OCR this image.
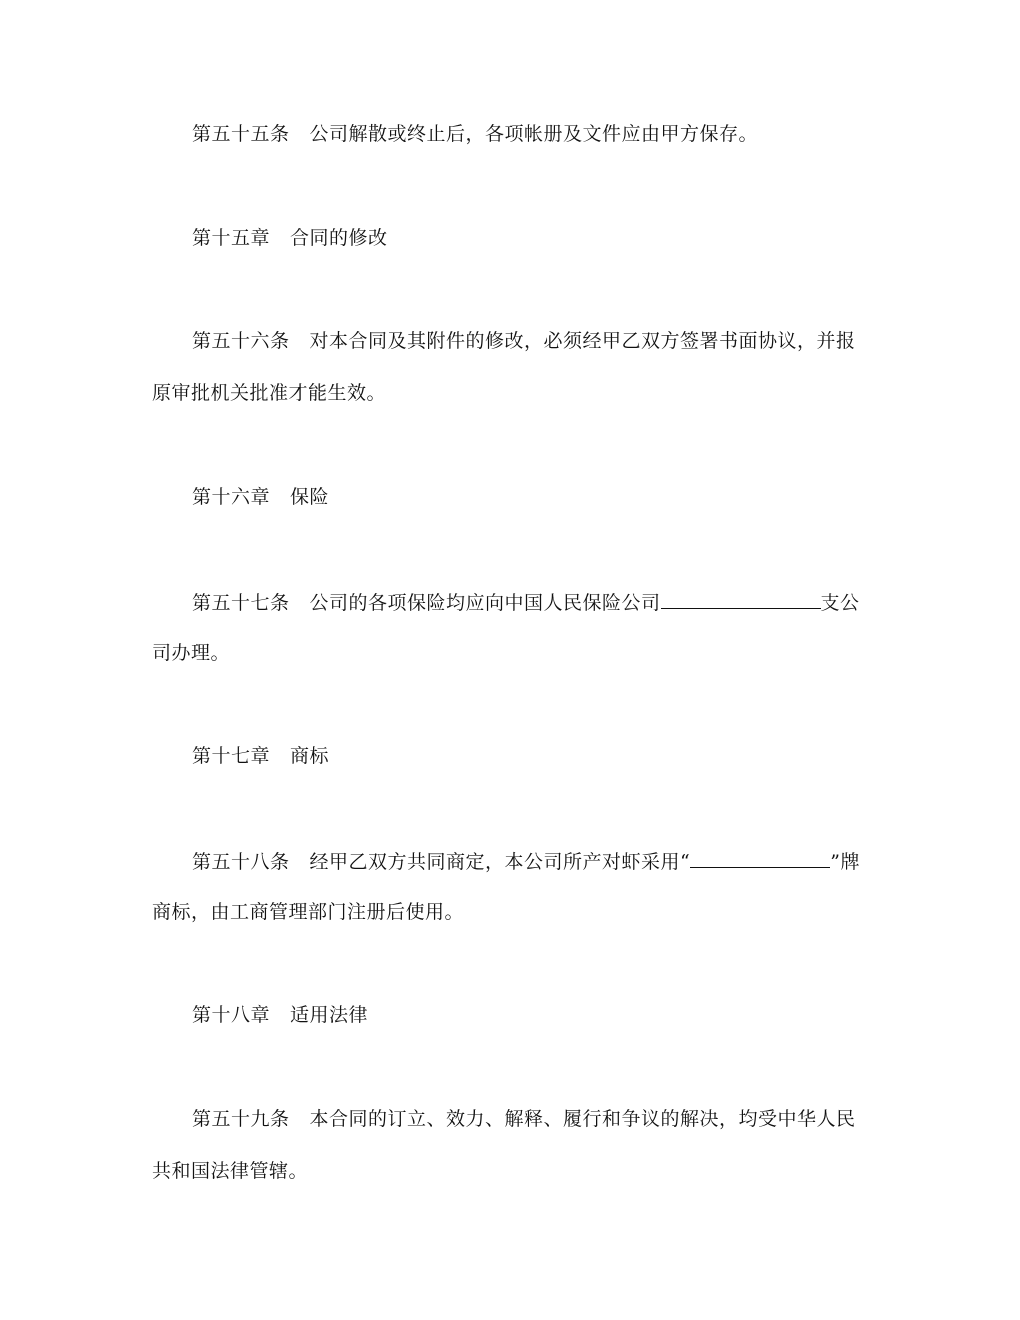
第五十五条 公司解散或终止后，各项帐册及文件应由甲方保存。
第十五章 合同的修改
第五十六条 对本合同及其附件的修改，必须经甲乙双方签署书面协议，并报
原审批机关批准才能生效。
第十六章 保险
第五十七条 公司的各项保险均应向中国人民保险公司	支公
司办理。
第十七章 商标
第五十八条 经甲乙双方共同商定，本公司所产对虾采用“	”牌
商标，由工商管理部门注册后使用。
第十八章 适用法律
第五十九条 本合同的订立、效力、解释、履行和争议的解决，均受中华人民
共和国法律管辖。
